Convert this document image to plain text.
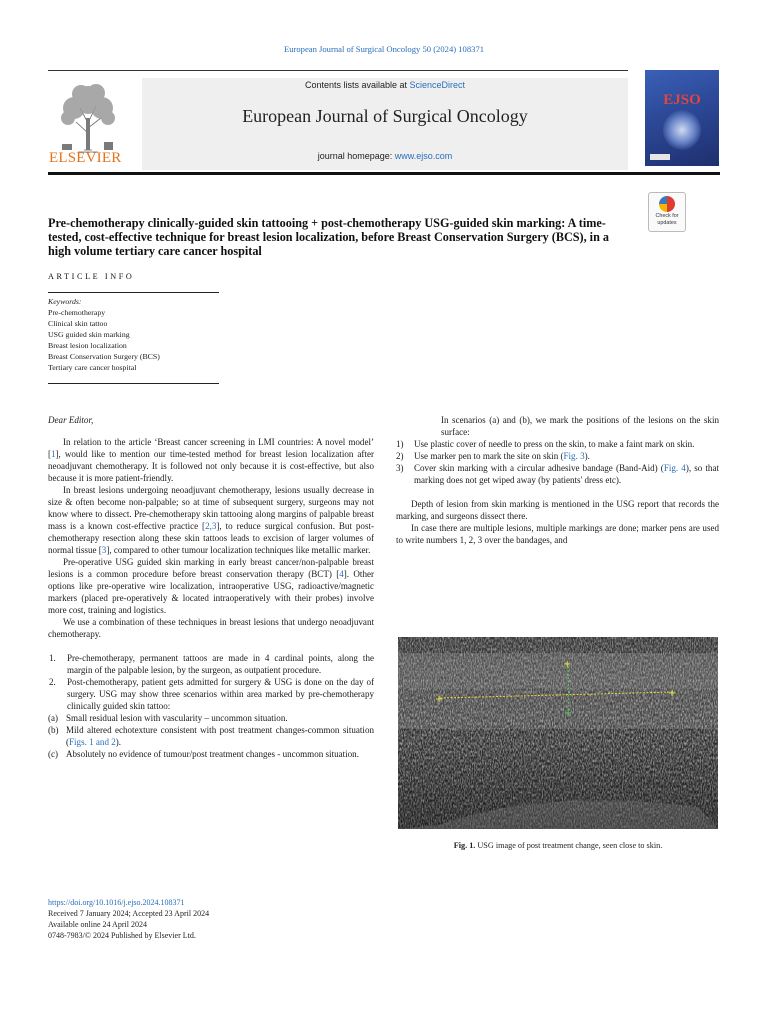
European Journal of Surgical Oncology 50 (2024) 108371
ELSEVIER
Contents lists available at ScienceDirect
European Journal of Surgical Oncology
journal homepage: www.ejso.com
EJSO
Check for
updates
Pre-chemotherapy clinically-guided skin tattooing + post-chemotherapy USG-guided skin marking: A time-tested, cost-effective technique for breast lesion localization, before Breast Conservation Surgery (BCS), in a high volume tertiary care cancer hospital
ARTICLE INFO
Keywords:
Pre-chemotherapy
Clinical skin tattoo
USG guided skin marking
Breast lesion localization
Breast Conservation Surgery (BCS)
Tertiary care cancer hospital

Dear Editor,

In relation to the article ‘Breast cancer screening in LMI countries: A novel model’ [1], would like to mention our time-tested method for breast lesion localization after neoadjuvant chemotherapy. It is followed not only because it is cost-effective, but also because it is more patient-friendly.

In breast lesions undergoing neoadjuvant chemotherapy, lesions usually decrease in size & often become non-palpable; so at time of subsequent surgery, surgeons may not know where to dissect. Pre-chemotherapy skin tattooing along margins of palpable breast mass is a known cost-effective practice [2,3], to reduce surgical confusion. But post-chemotherapy resection along these skin tattoos leads to excision of larger volumes of normal tissue [3], compared to other tumour localization techniques like metallic marker.

Pre-operative USG guided skin marking in early breast cancer/non-palpable breast lesions is a common procedure before breast conservation therapy (BCT) [4]. Other options like pre-operative wire localization, intraoperative USG, radioactive/magnetic markers (placed pre-operatively & located intraoperatively with their probes) involve more cost, training and logistics.

We use a combination of these techniques in breast lesions that undergo neoadjuvant chemotherapy.

1. Pre-chemotherapy, permanent tattoos are made in 4 cardinal points, along the margin of the palpable lesion, by the surgeon, as outpatient procedure.
2. Post-chemotherapy, patient gets admitted for surgery & USG is done on the day of surgery. USG may show three scenarios within area marked by pre-chemotherapy clinically guided skin tattoo:
(a) Small residual lesion with vascularity – uncommon situation.
(b) Mild altered echotexture consistent with post treatment changes-common situation (Figs. 1 and 2).
(c) Absolutely no evidence of tumour/post treatment changes - uncommon situation.

In scenarios (a) and (b), we mark the positions of the lesions on the skin surface:

1) Use plastic cover of needle to press on the skin, to make a faint mark on skin.
2) Use marker pen to mark the site on skin (Fig. 3).
3) Cover skin marking with a circular adhesive bandage (Band-Aid) (Fig. 4), so that marking does not get wiped away (by patients' dress etc).

Depth of lesion from skin marking is mentioned in the USG report that records the marking, and surgeons dissect there.

In case there are multiple lesions, multiple markings are done; marker pens are used to write numbers 1, 2, 3 over the bandages, and

+
+
+
+
Fig. 1. USG image of post treatment change, seen close to skin.
https://doi.org/10.1016/j.ejso.2024.108371
Received 7 January 2024; Accepted 23 April 2024
Available online 24 April 2024
0748-7983/© 2024 Published by Elsevier Ltd.
